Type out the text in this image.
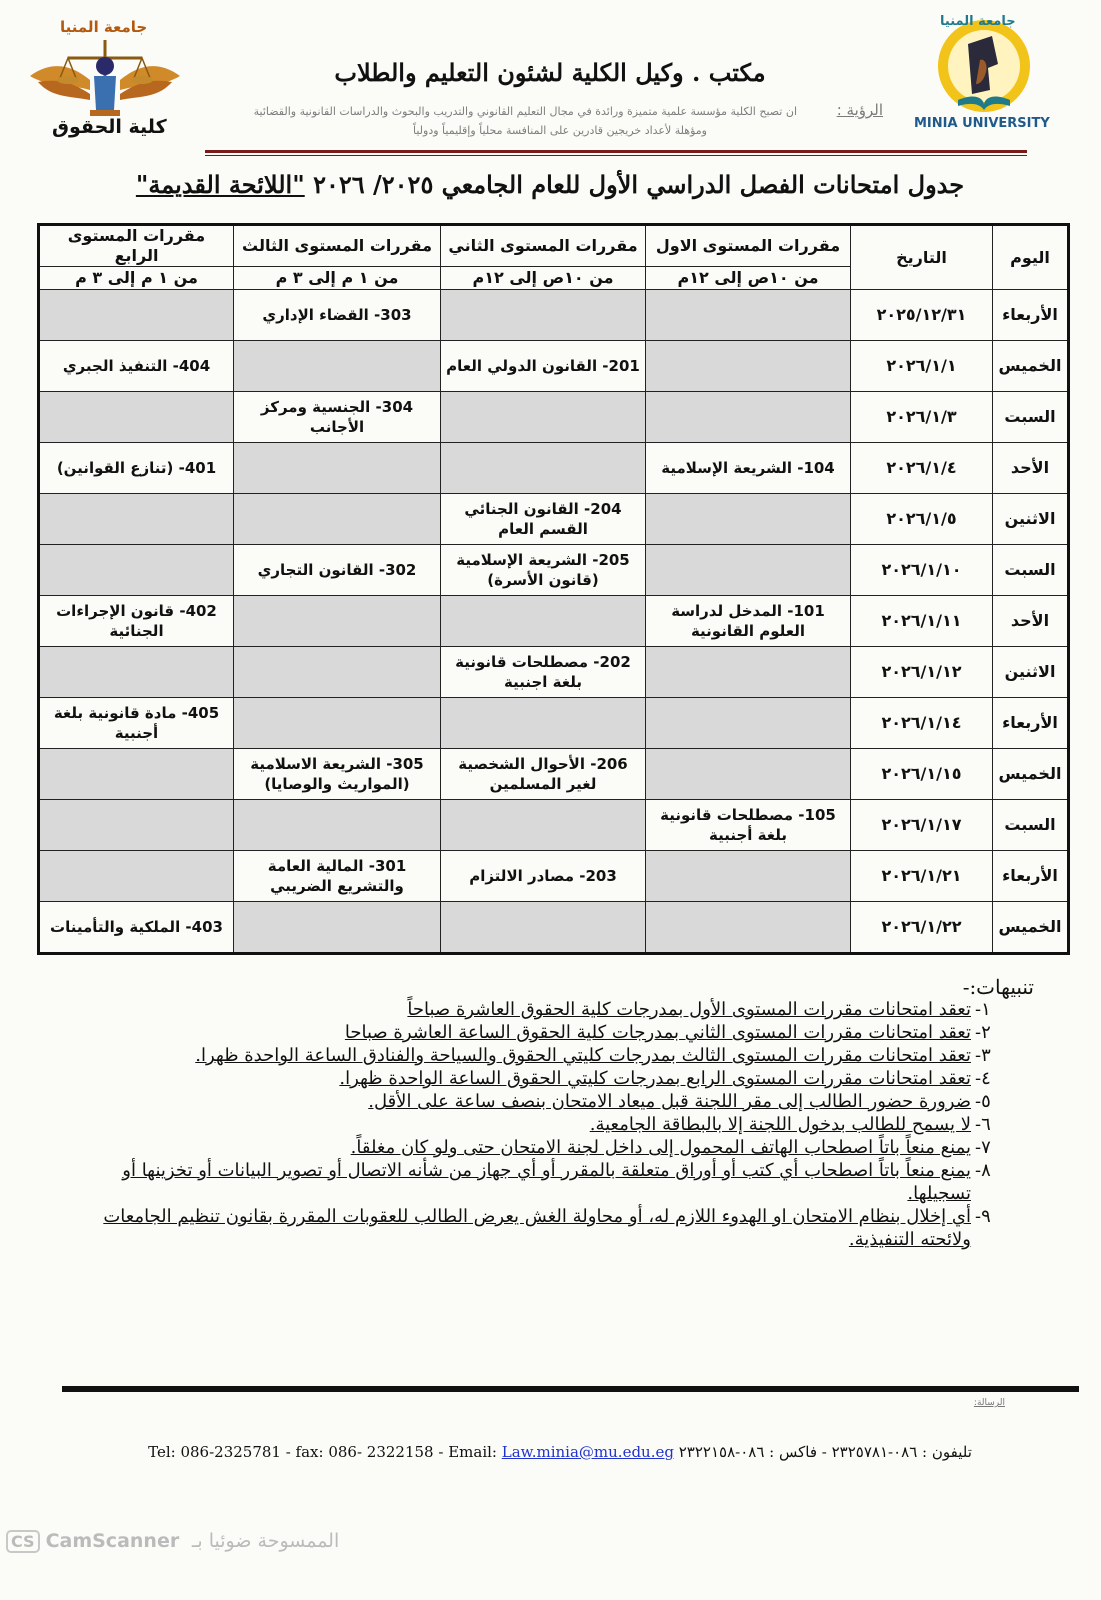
جامعة المنيا
كلية الحقوق
جامعة المنيا
MINIA UNIVERSITY
مكتب . وكيل الكلية لشئون التعليم والطلاب
الرؤية :
ان تصبح الكلية مؤسسة علمية متميزة ورائدة في مجال التعليم القانوني والتدريب والبحوث والدراسات القانونية والقضائية
ومؤهلة لأعداد خريجين قادرين على المنافسة محلياً وإقليمياً ودولياً
جدول امتحانات الفصل الدراسي الأول للعام الجامعي ٢٠٢٥/ ٢٠٢٦ "اللائحة القديمة"
اليوم	التاريخ	مقررات المستوى الاول	مقررات المستوى الثاني	مقررات المستوى الثالث	مقررات المستوى الرابع
		من ١٠ص إلى ١٢م	من ١٠ص إلى ١٢م	من ١ م إلى ٣ م	من ١ م إلى ٣ م
الأربعاء	٢٠٢٥/١٢/٣١			303- القضاء الإداري	
الخميس	٢٠٢٦/١/١		201- القانون الدولي العام		404- التنفيذ الجبري
السبت	٢٠٢٦/١/٣			304- الجنسية ومركز الأجانب	
الأحد	٢٠٢٦/١/٤	104- الشريعة الإسلامية			401- (تنازع القوانين)
الاثنين	٢٠٢٦/١/٥		204- القانون الجنائي القسم العام		
السبت	٢٠٢٦/١/١٠		205- الشريعة الإسلامية (قانون الأسرة)	302- القانون التجاري	
الأحد	٢٠٢٦/١/١١	101- المدخل لدراسة العلوم القانونية			402- قانون الإجراءات الجنائية
الاثنين	٢٠٢٦/١/١٢		202- مصطلحات قانونية بلغة اجنبية		
الأربعاء	٢٠٢٦/١/١٤				405- مادة قانونية بلغة أجنبية
الخميس	٢٠٢٦/١/١٥		206- الأحوال الشخصية لغير المسلمين	305- الشريعة الاسلامية (المواريث والوصايا)	
السبت	٢٠٢٦/١/١٧	105- مصطلحات قانونية بلغة أجنبية			
الأربعاء	٢٠٢٦/١/٢١		203- مصادر الالتزام	301- المالية العامة والتشريع الضريبي	
الخميس	٢٠٢٦/١/٢٢				403- الملكية والتأمينات
تنبيهات:-
١-
تعقد امتحانات مقررات المستوى الأول بمدرجات كلية الحقوق العاشرة صباحاً
٢-
تعقد امتحانات مقررات المستوى الثاني بمدرجات كلية الحقوق الساعة العاشرة صباحا
٣-
تعقد امتحانات مقررات المستوى الثالث بمدرجات كليتي الحقوق والسياحة والفنادق الساعة الواحدة ظهرا.
٤-
تعقد امتحانات مقررات المستوى الرابع بمدرجات كليتي الحقوق الساعة الواحدة ظهرا.
٥-
ضرورة حضور الطالب إلى مقر اللجنة قبل ميعاد الامتحان بنصف ساعة على الأقل.
٦-
لا يسمح للطالب بدخول اللجنة إلا بالبطاقة الجامعية.
٧-
يمنع منعاً باتاً اصطحاب الهاتف المحمول إلى داخل لجنة الامتحان حتى ولو كان مغلقاً.
٨-
يمنع منعاً باتاً اصطحاب أي كتب أو أوراق متعلقة بالمقرر أو أي جهاز من شأنه الاتصال أو تصوير البيانات أو تخزينها أو تسجيلها.
٩-
أي إخلال بنظام الامتحان او الهدوء اللازم له، أو محاولة الغش يعرض الطالب للعقوبات المقررة بقانون تنظيم الجامعات ولائحته التنفيذية.
الرسالة:
Tel: 086-2325781 - fax: 086- 2322158 - Email: Law.minia@mu.edu.eg تليفون : ٠٨٦-٢٣٢٥٧٨١ - فاكس : ٠٨٦-٢٣٢٢١٥٨
CS CamScanner الممسوحة ضوئيا بـ
